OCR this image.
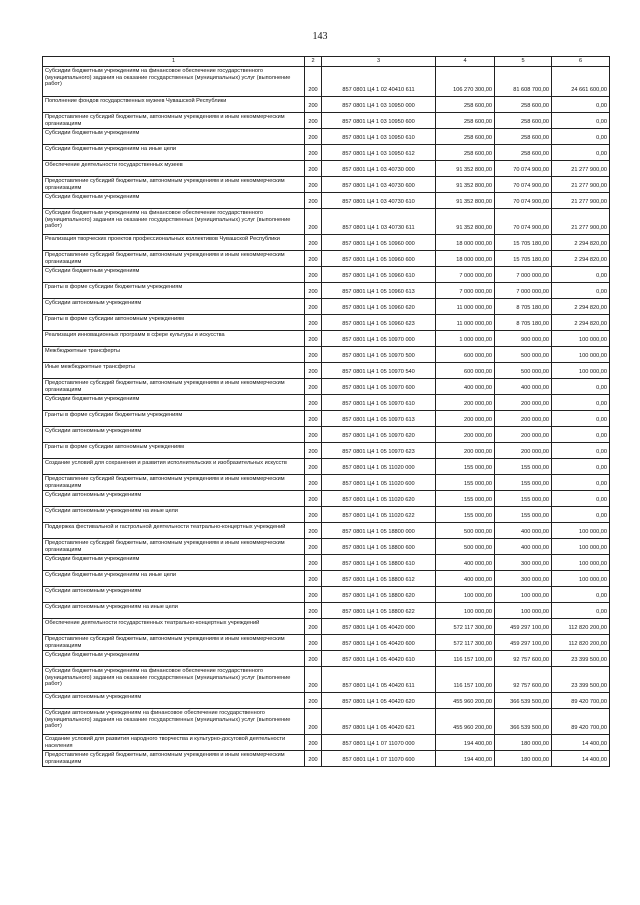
143
1	2	3	4	5	6
Субсидии бюджетным учреждениям на финансовое обеспечение государственного (муниципального) задания на оказание государственных (муниципальных) услуг (выполнение работ)	200	857 0801 Ц4 1 02 40410 611	106 270 300,00	81 608 700,00	24 661 600,00
Пополнение фондов государственных музеев Чувашской Республики	200	857 0801 Ц4 1 03 10950 000	258 600,00	258 600,00	0,00
Предоставление субсидий бюджетным, автономным учреждениям и иным некоммерческим организациям	200	857 0801 Ц4 1 03 10950 600	258 600,00	258 600,00	0,00
Субсидии бюджетным учреждениям	200	857 0801 Ц4 1 03 10950 610	258 600,00	258 600,00	0,00
Субсидии бюджетным учреждениям на иные цели	200	857 0801 Ц4 1 03 10950 612	258 600,00	258 600,00	0,00
Обеспечение деятельности государственных музеев	200	857 0801 Ц4 1 03 40730 000	91 352 800,00	70 074 900,00	21 277 900,00
Предоставление субсидий бюджетным, автономным учреждениям и иным некоммерческим организациям	200	857 0801 Ц4 1 03 40730 600	91 352 800,00	70 074 900,00	21 277 900,00
Субсидии бюджетным учреждениям	200	857 0801 Ц4 1 03 40730 610	91 352 800,00	70 074 900,00	21 277 900,00
Субсидии бюджетным учреждениям на финансовое обеспечение государственного (муниципального) задания на оказание государственных (муниципальных) услуг (выполнение работ)	200	857 0801 Ц4 1 03 40730 611	91 352 800,00	70 074 900,00	21 277 900,00
Реализация творческих проектов профессиональных коллективов Чувашской Республики	200	857 0801 Ц4 1 05 10960 000	18 000 000,00	15 705 180,00	2 294 820,00
Предоставление субсидий бюджетным, автономным учреждениям и иным некоммерческим организациям	200	857 0801 Ц4 1 05 10960 600	18 000 000,00	15 705 180,00	2 294 820,00
Субсидии бюджетным учреждениям	200	857 0801 Ц4 1 05 10960 610	7 000 000,00	7 000 000,00	0,00
Гранты в форме субсидии бюджетным учреждениям	200	857 0801 Ц4 1 05 10960 613	7 000 000,00	7 000 000,00	0,00
Субсидии автономным учреждениям	200	857 0801 Ц4 1 05 10960 620	11 000 000,00	8 705 180,00	2 294 820,00
Гранты в форме субсидии автономным учреждениям	200	857 0801 Ц4 1 05 10960 623	11 000 000,00	8 705 180,00	2 294 820,00
Реализация инновационных программ в сфере культуры и искусства	200	857 0801 Ц4 1 05 10970 000	1 000 000,00	900 000,00	100 000,00
Межбюджетные трансферты	200	857 0801 Ц4 1 05 10970 500	600 000,00	500 000,00	100 000,00
Иные межбюджетные трансферты	200	857 0801 Ц4 1 05 10970 540	600 000,00	500 000,00	100 000,00
Предоставление субсидий бюджетным, автономным учреждениям и иным некоммерческим организациям	200	857 0801 Ц4 1 05 10970 600	400 000,00	400 000,00	0,00
Субсидии бюджетным учреждениям	200	857 0801 Ц4 1 05 10970 610	200 000,00	200 000,00	0,00
Гранты в форме субсидии бюджетным учреждениям	200	857 0801 Ц4 1 05 10970 613	200 000,00	200 000,00	0,00
Субсидии автономным учреждениям	200	857 0801 Ц4 1 05 10970 620	200 000,00	200 000,00	0,00
Гранты в форме субсидии автономным учреждениям	200	857 0801 Ц4 1 05 10970 623	200 000,00	200 000,00	0,00
Создание условий для сохранения и развития исполнительских и изобразительных искусств	200	857 0801 Ц4 1 05 11020 000	155 000,00	155 000,00	0,00
Предоставление субсидий бюджетным, автономным учреждениям и иным некоммерческим организациям	200	857 0801 Ц4 1 05 11020 600	155 000,00	155 000,00	0,00
Субсидии автономным учреждениям	200	857 0801 Ц4 1 05 11020 620	155 000,00	155 000,00	0,00
Субсидии автономным учреждениям на иные цели	200	857 0801 Ц4 1 05 11020 622	155 000,00	155 000,00	0,00
Поддержка фестивальной и гастрольной деятельности театрально-концертных учреждений	200	857 0801 Ц4 1 05 18800 000	500 000,00	400 000,00	100 000,00
Предоставление субсидий бюджетным, автономным учреждениям и иным некоммерческим организациям	200	857 0801 Ц4 1 05 18800 600	500 000,00	400 000,00	100 000,00
Субсидии бюджетным учреждениям	200	857 0801 Ц4 1 05 18800 610	400 000,00	300 000,00	100 000,00
Субсидии бюджетным учреждениям на иные цели	200	857 0801 Ц4 1 05 18800 612	400 000,00	300 000,00	100 000,00
Субсидии автономным учреждениям	200	857 0801 Ц4 1 05 18800 620	100 000,00	100 000,00	0,00
Субсидии автономным учреждениям на иные цели	200	857 0801 Ц4 1 05 18800 622	100 000,00	100 000,00	0,00
Обеспечение деятельности государственных театрально-концертных учреждений	200	857 0801 Ц4 1 05 40420 000	572 117 300,00	459 297 100,00	112 820 200,00
Предоставление субсидий бюджетным, автономным учреждениям и иным некоммерческим организациям	200	857 0801 Ц4 1 05 40420 600	572 117 300,00	459 297 100,00	112 820 200,00
Субсидии бюджетным учреждениям	200	857 0801 Ц4 1 05 40420 610	116 157 100,00	92 757 600,00	23 399 500,00
Субсидии бюджетным учреждениям на финансовое обеспечение государственного (муниципального) задания на оказание государственных (муниципальных) услуг (выполнение работ)	200	857 0801 Ц4 1 05 40420 611	116 157 100,00	92 757 600,00	23 399 500,00
Субсидии автономным учреждениям	200	857 0801 Ц4 1 05 40420 620	455 960 200,00	366 539 500,00	89 420 700,00
Субсидии автономным учреждениям на финансовое обеспечение государственного (муниципального) задания на оказание государственных (муниципальных) услуг (выполнение работ)	200	857 0801 Ц4 1 05 40420 621	455 960 200,00	366 539 500,00	89 420 700,00
Создание условий для развития народного творчества и культурно-досуговой деятельности населения	200	857 0801 Ц4 1 07 11070 000	194 400,00	180 000,00	14 400,00
Предоставление субсидий бюджетным, автономным учреждениям и иным некоммерческим организациям	200	857 0801 Ц4 1 07 11070 600	194 400,00	180 000,00	14 400,00
